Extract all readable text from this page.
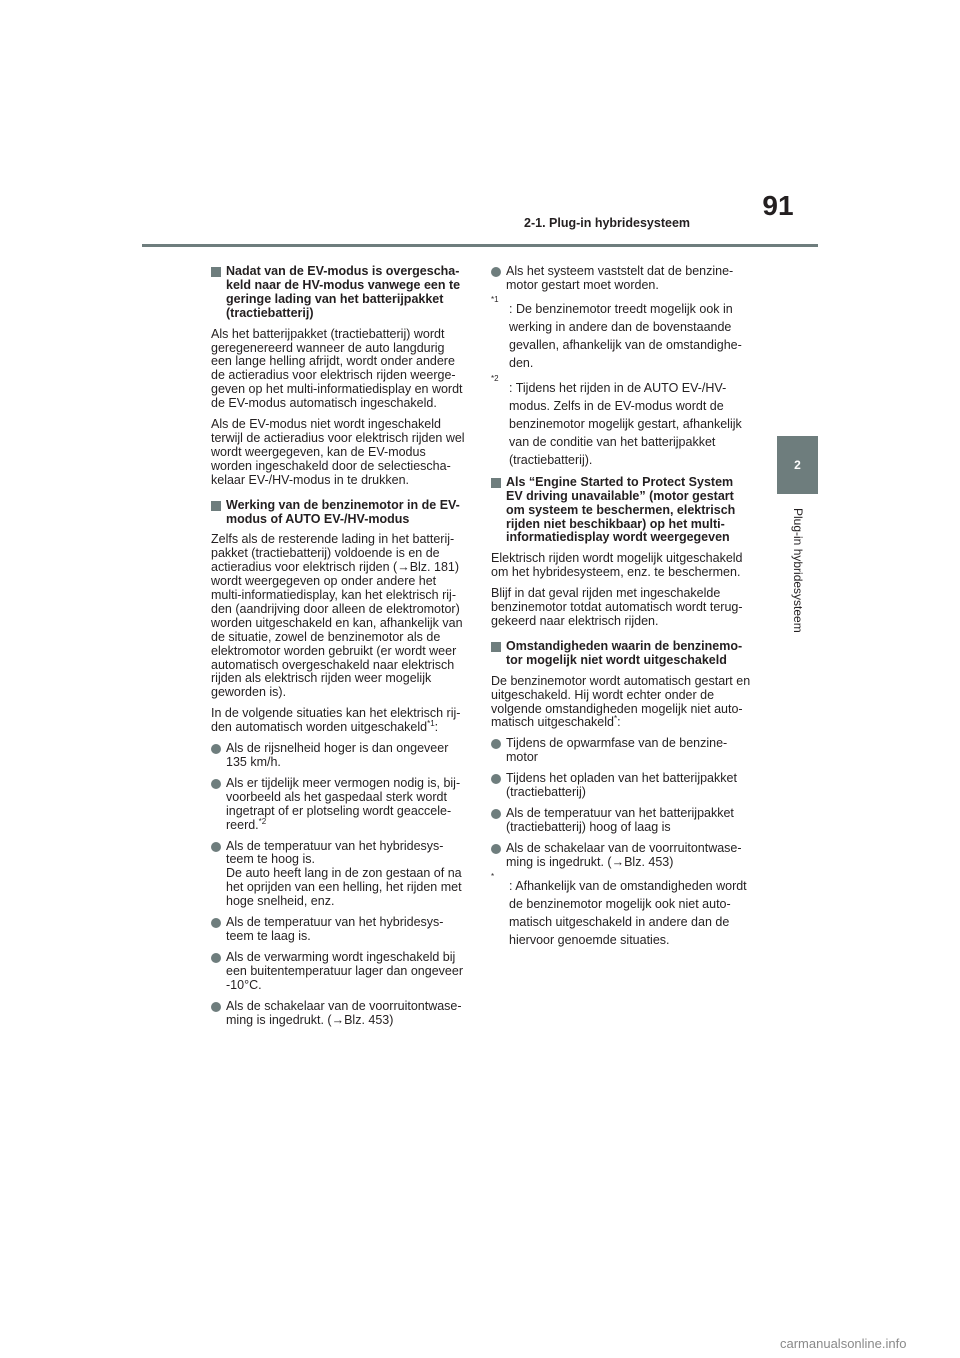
91
2-1. Plug-in hybridesysteem
2
Plug-in hybridesysteem
Nadat van de EV-modus is overgescha-keld naar de HV-modus vanwege een te geringe lading van het batterijpakket (tractiebatterij)

Als het batterijpakket (tractiebatterij) wordt geregenereerd wanneer de auto langdurig een lange helling afrijdt, wordt onder andere de actieradius voor elektrisch rijden weerge-geven op het multi-informatiedisplay en wordt de EV-modus automatisch ingeschakeld.

Als de EV-modus niet wordt ingeschakeld terwijl de actieradius voor elektrisch rijden wel wordt weergegeven, kan de EV-modus worden ingeschakeld door de selectiescha-kelaar EV-/HV-modus in te drukken.

Werking van de benzinemotor in de EV-modus of AUTO EV-/HV-modus

Zelfs als de resterende lading in het batterij-pakket (tractiebatterij) voldoende is en de actieradius voor elektrisch rijden (→Blz. 181) wordt weergegeven op onder andere het multi-informatiedisplay, kan het elektrisch rij-den (aandrijving door alleen de elektromotor) worden uitgeschakeld en kan, afhankelijk van de situatie, zowel de benzinemotor als de elektromotor worden gebruikt (er wordt weer automatisch overgeschakeld naar elektrisch rijden als elektrisch rijden weer mogelijk geworden is).

In de volgende situaties kan het elektrisch rij-den automatisch worden uitgeschakeld$^{*1}$:

Als de rijsnelheid hoger is dan ongeveer 135 km/h.
Als er tijdelijk meer vermogen nodig is, bij-voorbeeld als het gaspedaal sterk wordt ingetrapt of er plotseling wordt geaccele-reerd.$^{*2}$
Als de temperatuur van het hybridesys-teem te hoog is.
De auto heeft lang in de zon gestaan of na het oprijden van een helling, het rijden met hoge snelheid, enz.
Als de temperatuur van het hybridesys-teem te laag is.
Als de verwarming wordt ingeschakeld bij een buitentemperatuur lager dan ongeveer -10°C.
Als de schakelaar van de voorruitontwase-ming is ingedrukt. (→Blz. 453)
Als het systeem vaststelt dat de benzine-motor gestart moet worden.
*1
: De benzinemotor treedt mogelijk ook in werking in andere dan de bovenstaande gevallen, afhankelijk van de omstandighe-den.
*2
: Tijdens het rijden in de AUTO EV-/HV-modus. Zelfs in de EV-modus wordt de benzinemotor mogelijk gestart, afhankelijk van de conditie van het batterijpakket (tractiebatterij).
Als “Engine Started to Protect System EV driving unavailable” (motor gestart om systeem te beschermen, elektrisch rijden niet beschikbaar) op het multi-informatiedisplay wordt weergegeven

Elektrisch rijden wordt mogelijk uitgeschakeld om het hybridesysteem, enz. te beschermen.

Blijf in dat geval rijden met ingeschakelde benzinemotor totdat automatisch wordt terug-gekeerd naar elektrisch rijden.

Omstandigheden waarin de benzinemo-tor mogelijk niet wordt uitgeschakeld

De benzinemotor wordt automatisch gestart en uitgeschakeld. Hij wordt echter onder de volgende omstandigheden mogelijk niet auto-matisch uitgeschakeld*:

Tijdens de opwarmfase van de benzine-motor
Tijdens het opladen van het batterijpakket (tractiebatterij)
Als de temperatuur van het batterijpakket (tractiebatterij) hoog of laag is
Als de schakelaar van de voorruitontwase-ming is ingedrukt. (→Blz. 453)
*
: Afhankelijk van de omstandigheden wordt de benzinemotor mogelijk ook niet auto-matisch uitgeschakeld in andere dan de hiervoor genoemde situaties.
carmanualsonline.info
